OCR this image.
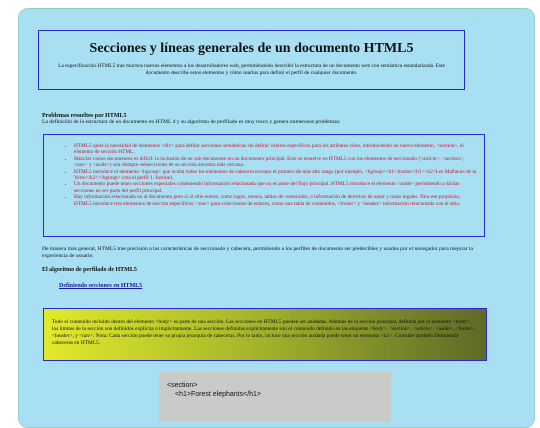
Secciones y líneas generales de un documento HTML5

La especificación HTML5 trae muchos nuevos elementos a los desarrolladores web, permitiéndoles describir la estructura de un documento web con semántica estandarizada. Este documento describe estos elementos y cómo usarlos para definir el perfil de cualquier documento.

Problemas resueltos por HTML5
La definición de la estructura de un documento en HTML 4 y su algoritmo de perfilado es muy tosco y genera numerosos problemas:
• HTML5 quita la necesidad de elementos <div> para definir secciones semánticas sin definir valores específicos para los atributos class, introduciendo un nuevo elemento, <section>, el elemento de sección HTML.
• Mezclar varios documentos es difícil: la inclusión de un sub-documento en un documento principal. Esto se resuelve en HTML5 con los elementos de seccionado (<article>, <section>, <nav> y <aside>) son siempre subsecciones de su sección ancestra más cercana.
• HTML5 introduce el elemento <hgroup> que oculta todos los elementos de cabecera excepto el primero de más alto rango (por ejemplo, <hgroup><h1>Justine</h1><h2>Les Malheurs de la Vertu</h2></hgroup> crea el perfil 1. Justine).
• Un documento puede tener secciones especiales conteniendo información relacionada que no es parte del flujo principal. HTML5 introduce el elemento <aside> permitiendo a dichas secciones no ser parte del perfil principal.
• Hay información relacionada no al documento pero sí al sitio entero, como logos, menús, tablas de contenidos, o información de derechos de autor y notas legales. Para ese propósito, HTML5 introduce tres elementos de sección específicos: <nav> para colecciones de enlaces, como una tabla de contenidos, <footer> y <header> información relacionada con el sitio.
De manera más general, HTML5 trae precisión a las características de seccionado y cabecera, permitiendo a los perfiles de documento ser predecibles y usados por el navegador para mejorar la experiencia de usuario.
El algoritmo de perfilado de HTML5
Definiendo secciones en HTML5

Todo el contenido incluido dentro del elemento <body> es parte de una sección. Las secciones en HTML5 pueden ser anidadas. Además de la sección principal, definida por el elemento <body>, los límites de la sección son definidos explícita o implícitamente. Las secciones definidas explícitamente son el contenido definido en las etiquetas <body>, <section>, <article>, <aside>, <footer>, <header>, y <nav>. Nota: Cada sección puede tener su propia jerarquía de cabeceras. Por lo tanto, incluso una sección anidada puede tener un elemento <h1>. Consulte también Definiendo cabeceras en HTML5.

<section>
<h1>Forest elephants</h1>
